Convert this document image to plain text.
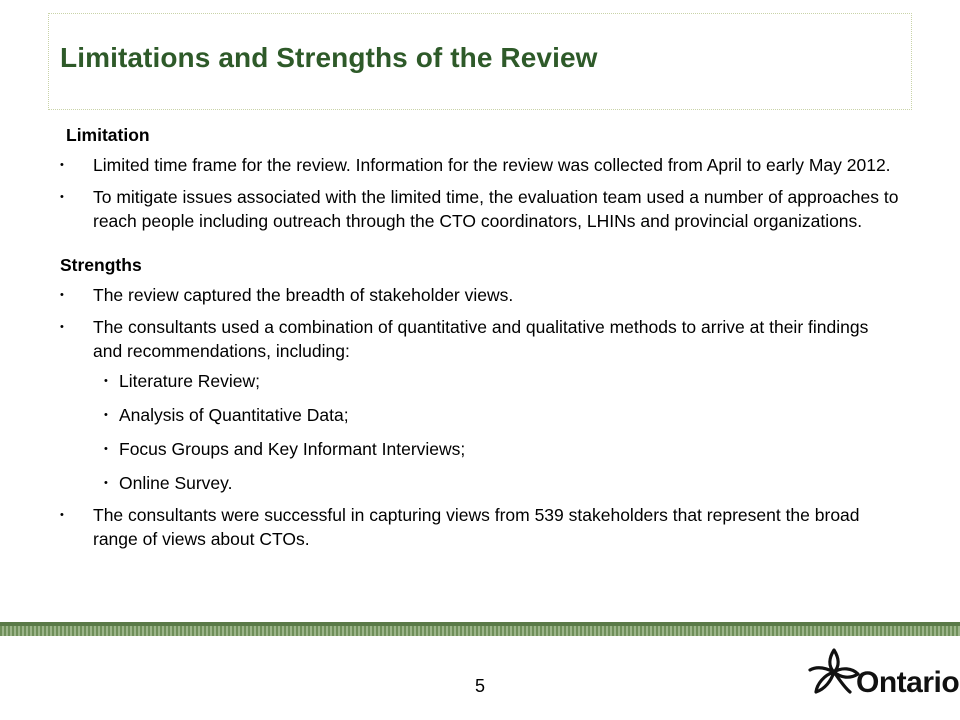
Limitations and Strengths of the Review

Limitation

• Limited time frame for the review. Information for the review was collected from April to early May 2012.
• To mitigate issues associated with the limited time, the evaluation team used a number of approaches to reach people including outreach through the CTO coordinators, LHINs and provincial organizations.

Strengths

• The review captured the breadth of stakeholder views.
• The consultants used a combination of quantitative and qualitative methods to arrive at their findings and recommendations, including:
• Literature Review;
• Analysis of Quantitative Data;
• Focus Groups and Key Informant Interviews;
• Online Survey.
• The consultants were successful in capturing views from 539 stakeholders that represent the broad range of views about CTOs.
5	Ontario
